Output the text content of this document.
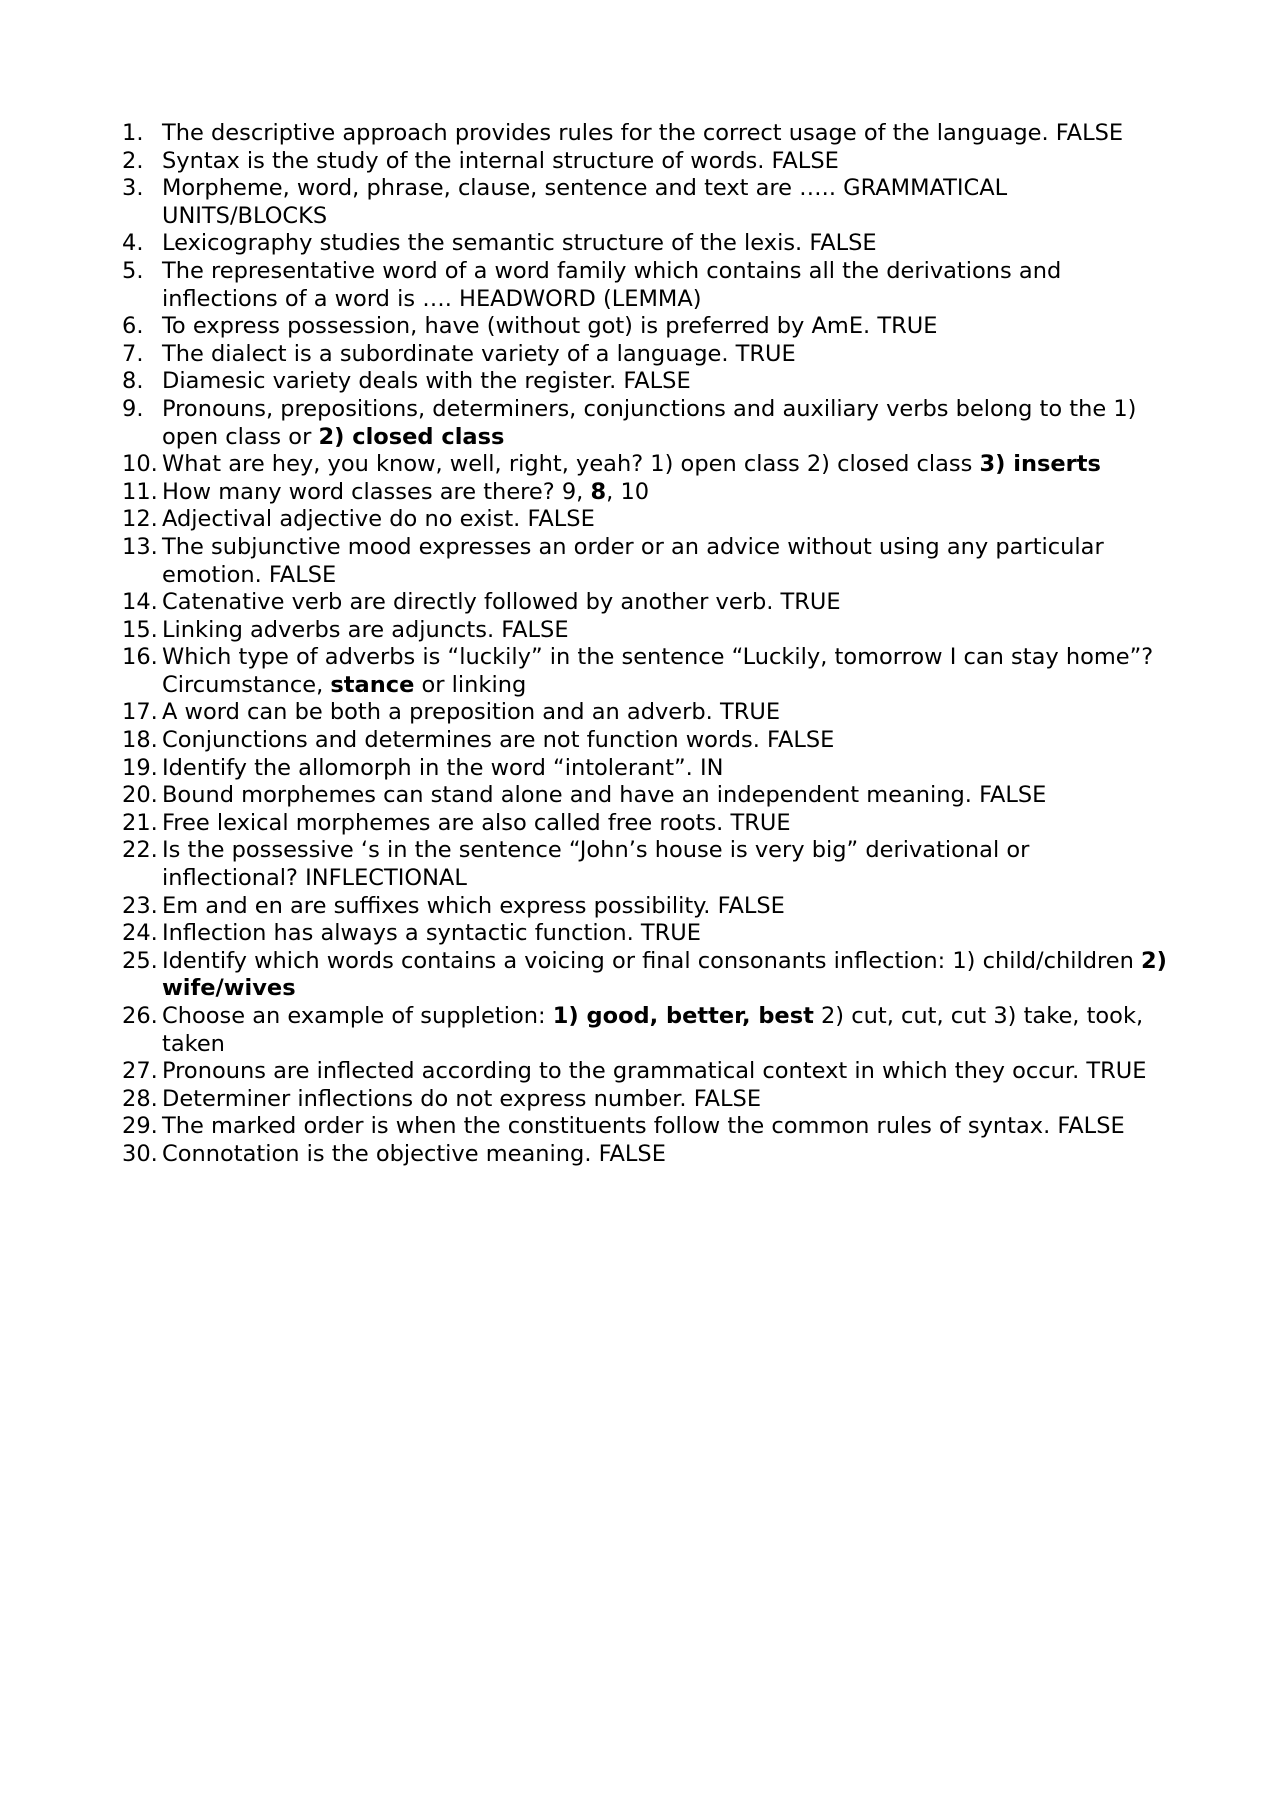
1. The descriptive approach provides rules for the correct usage of the language. FALSE
2. Syntax is the study of the internal structure of words. FALSE
3. Morpheme, word, phrase, clause, sentence and text are ….. GRAMMATICAL UNITS/BLOCKS
4. Lexicography studies the semantic structure of the lexis. FALSE
5. The representative word of a word family which contains all the derivations and inflections of a word is …. HEADWORD (LEMMA)
6. To express possession, have (without got) is preferred by AmE. TRUE
7. The dialect is a subordinate variety of a language. TRUE
8. Diamesic variety deals with the register. FALSE
9. Pronouns, prepositions, determiners, conjunctions and auxiliary verbs belong to the 1) open class or 2) closed class
10. What are hey, you know, well, right, yeah? 1) open class 2) closed class 3) inserts
11. How many word classes are there? 9, 8, 10
12. Adjectival adjective do no exist. FALSE
13. The subjunctive mood expresses an order or an advice without using any particular emotion. FALSE
14. Catenative verb are directly followed by another verb. TRUE
15. Linking adverbs are adjuncts. FALSE
16. Which type of adverbs is “luckily” in the sentence “Luckily, tomorrow I can stay home”? Circumstance, stance or linking
17. A word can be both a preposition and an adverb. TRUE
18. Conjunctions and determines are not function words. FALSE
19. Identify the allomorph in the word “intolerant”. IN
20. Bound morphemes can stand alone and have an independent meaning. FALSE
21. Free lexical morphemes are also called free roots. TRUE
22. Is the possessive ‘s in the sentence “John’s house is very big” derivational or inflectional? INFLECTIONAL
23. Em and en are suffixes which express possibility. FALSE
24. Inflection has always a syntactic function. TRUE
25. Identify which words contains a voicing or final consonants inflection: 1) child/children 2) wife/wives
26. Choose an example of suppletion: 1) good, better, best 2) cut, cut, cut 3) take, took, taken
27. Pronouns are inflected according to the grammatical context in which they occur. TRUE
28. Determiner inflections do not express number. FALSE
29. The marked order is when the constituents follow the common rules of syntax. FALSE
30. Connotation is the objective meaning. FALSE
